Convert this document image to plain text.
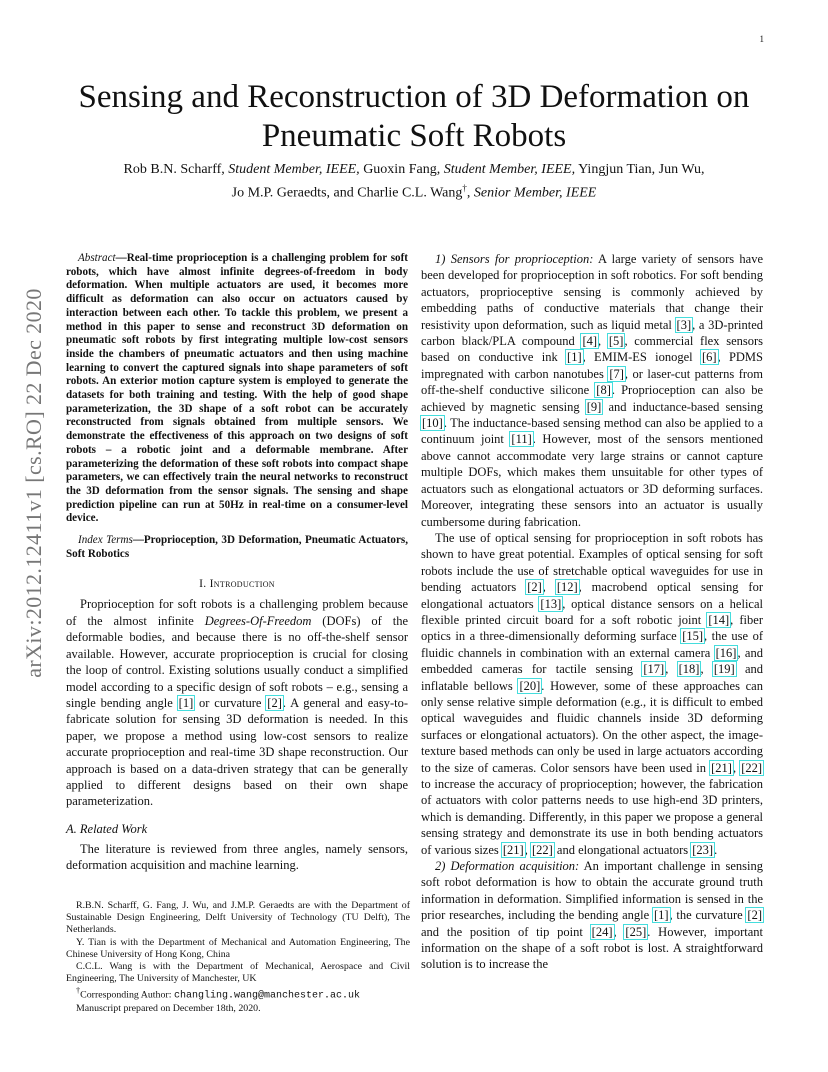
1
arXiv:2012.12411v1 [cs.RO] 22 Dec 2020
Sensing and Reconstruction of 3D Deformation on Pneumatic Soft Robots
Rob B.N. Scharff, Student Member, IEEE, Guoxin Fang, Student Member, IEEE, Yingjun Tian, Jun Wu,
Jo M.P. Geraedts, and Charlie C.L. Wang†, Senior Member, IEEE

Abstract—Real-time proprioception is a challenging problem for soft robots, which have almost infinite degrees-of-freedom in body deformation. When multiple actuators are used, it becomes more difficult as deformation can also occur on actuators caused by interaction between each other. To tackle this problem, we present a method in this paper to sense and reconstruct 3D deformation on pneumatic soft robots by first integrating multiple low-cost sensors inside the chambers of pneumatic actuators and then using machine learning to convert the captured signals into shape parameters of soft robots. An exterior motion capture system is employed to generate the datasets for both training and testing. With the help of good shape parameterization, the 3D shape of a soft robot can be accurately reconstructed from signals obtained from multiple sensors. We demonstrate the effectiveness of this approach on two designs of soft robots – a robotic joint and a deformable membrane. After parameterizing the deformation of these soft robots into compact shape parameters, we can effectively train the neural networks to reconstruct the 3D deformation from the sensor signals. The sensing and shape prediction pipeline can run at 50Hz in real-time on a consumer-level device.

Index Terms—Proprioception, 3D Deformation, Pneumatic Actuators, Soft Robotics

I. Introduction

Proprioception for soft robots is a challenging problem because of the almost infinite Degrees-Of-Freedom (DOFs) of the deformable bodies, and because there is no off-the-shelf sensor available. However, accurate proprioception is crucial for closing the loop of control. Existing solutions usually conduct a simplified model according to a specific design of soft robots – e.g., sensing a single bending angle [1] or curvature [2]. A general and easy-to-fabricate solution for sensing 3D deformation is needed. In this paper, we propose a method using low-cost sensors to realize accurate proprioception and real-time 3D shape reconstruction. Our approach is based on a data-driven strategy that can be generally applied to different designs based on their own shape parameterization.

A. Related Work

The literature is reviewed from three angles, namely sensors, deformation acquisition and machine learning.

R.B.N. Scharff, G. Fang, J. Wu, and J.M.P. Geraedts are with the Department of Sustainable Design Engineering, Delft University of Technology (TU Delft), The Netherlands.

Y. Tian is with the Department of Mechanical and Automation Engineering, The Chinese University of Hong Kong, China

C.C.L. Wang is with the Department of Mechanical, Aerospace and Civil Engineering, The University of Manchester, UK

†Corresponding Author: changling.wang@manchester.ac.uk

Manuscript prepared on December 18th, 2020.

1) Sensors for proprioception: A large variety of sensors have been developed for proprioception in soft robotics. For soft bending actuators, proprioceptive sensing is commonly achieved by embedding paths of conductive materials that change their resistivity upon deformation, such as liquid metal [3], a 3D-printed carbon black/PLA compound [4], [5], commercial flex sensors based on conductive ink [1], EMIM-ES ionogel [6], PDMS impregnated with carbon nanotubes [7], or laser-cut patterns from off-the-shelf conductive silicone [8]. Proprioception can also be achieved by magnetic sensing [9] and inductance-based sensing [10]. The inductance-based sensing method can also be applied to a continuum joint [11]. However, most of the sensors mentioned above cannot accommodate very large strains or cannot capture multiple DOFs, which makes them unsuitable for other types of actuators such as elongational actuators or 3D deforming surfaces. Moreover, integrating these sensors into an actuator is usually cumbersome during fabrication.

The use of optical sensing for proprioception in soft robots has shown to have great potential. Examples of optical sensing for soft robots include the use of stretchable optical waveguides for use in bending actuators [2], [12], macrobend optical sensing for elongational actuators [13], optical distance sensors on a helical flexible printed circuit board for a soft robotic joint [14], fiber optics in a three-dimensionally deforming surface [15], the use of fluidic channels in combination with an external camera [16], and embedded cameras for tactile sensing [17], [18], [19] and inflatable bellows [20]. However, some of these approaches can only sense relative simple deformation (e.g., it is difficult to embed optical waveguides and fluidic channels inside 3D deforming surfaces or elongational actuators). On the other aspect, the image-texture based methods can only be used in large actuators according to the size of cameras. Color sensors have been used in [21], [22] to increase the accuracy of proprioception; however, the fabrication of actuators with color patterns needs to use high-end 3D printers, which is demanding. Differently, in this paper we propose a general sensing strategy and demonstrate its use in both bending actuators of various sizes [21], [22] and elongational actuators [23].

2) Deformation acquisition: An important challenge in sensing soft robot deformation is how to obtain the accurate ground truth information in deformation. Simplified information is sensed in the prior researches, including the bending angle [1], the curvature [2] and the position of tip point [24], [25]. However, important information on the shape of a soft robot is lost. A straightforward solution is to increase the
